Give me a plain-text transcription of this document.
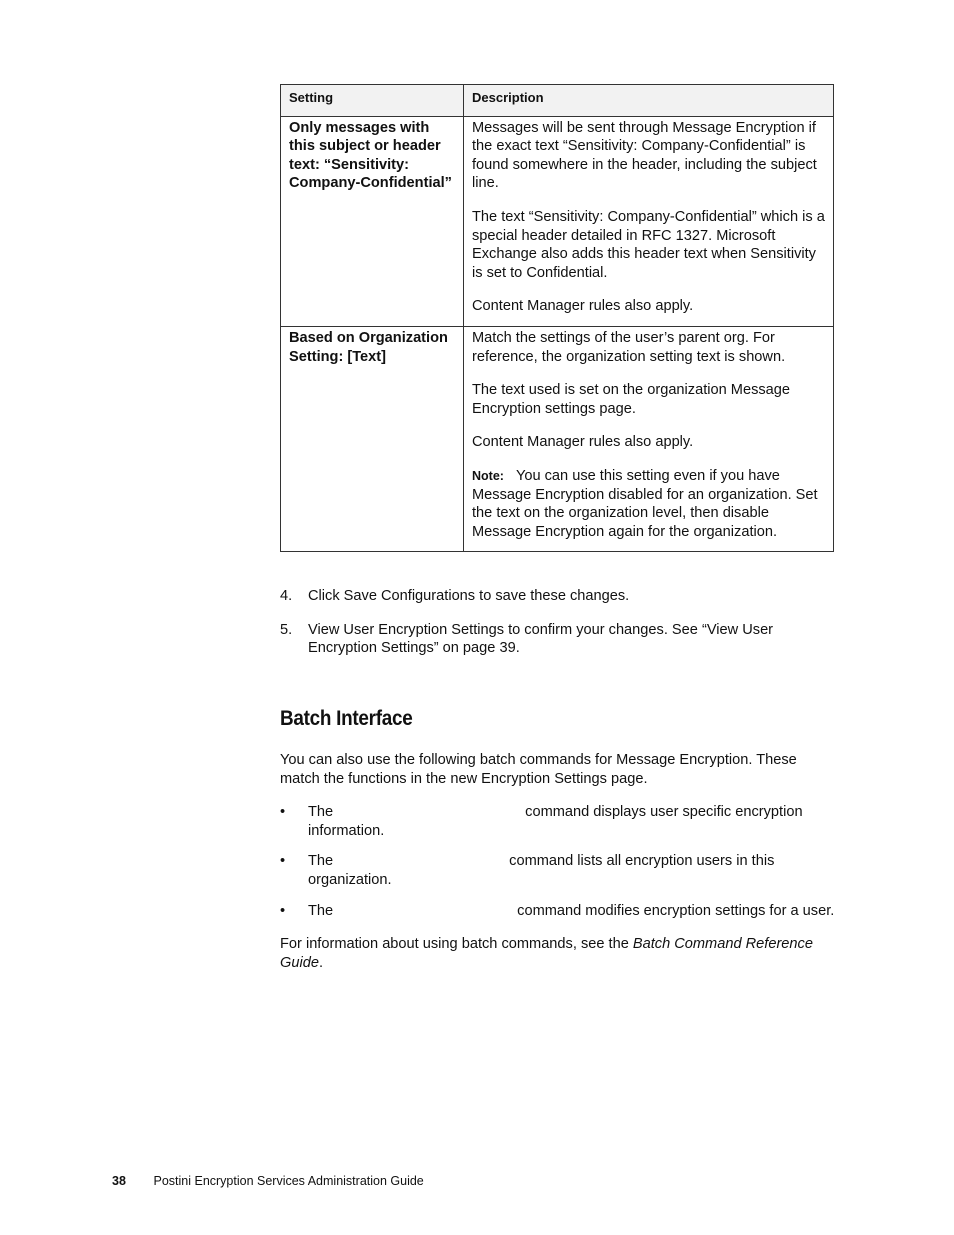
Setting	Description
Only messages with this subject or header text: “Sensitivity: Company-Confidential”	Messages will be sent through Message Encryption if the exact text “Sensitivity: Company-Confidential” is found somewhere in the header, including the subject line.

The text “Sensitivity: Company-Confidential” which is a special header detailed in RFC 1327. Microsoft Exchange also adds this header text when Sensitivity is set to Confidential.

Content Manager rules also apply.

Based on Organization Setting: [Text]	Match the settings of the user’s parent org. For reference, the organization setting text is shown.

The text used is set on the organization Message Encryption settings page.

Content Manager rules also apply.

Note: You can use this setting even if you have Message Encryption disabled for an organization. Set the text on the organization level, then disable Message Encryption again for the organization.

4. Click Save Configurations to save these changes.
5. View User Encryption Settings to confirm your changes. See “View User Encryption Settings” on page 39.
Batch Interface

You can also use the following batch commands for Message Encryption. These match the functions in the new Encryption Settings page.

• The	command displays user specific encryption information.
• The	command lists all encryption users in this organization.
• The	command modifies encryption settings for a user.

For information about using batch commands, see the Batch Command Reference Guide.

38 Postini Encryption Services Administration Guide
